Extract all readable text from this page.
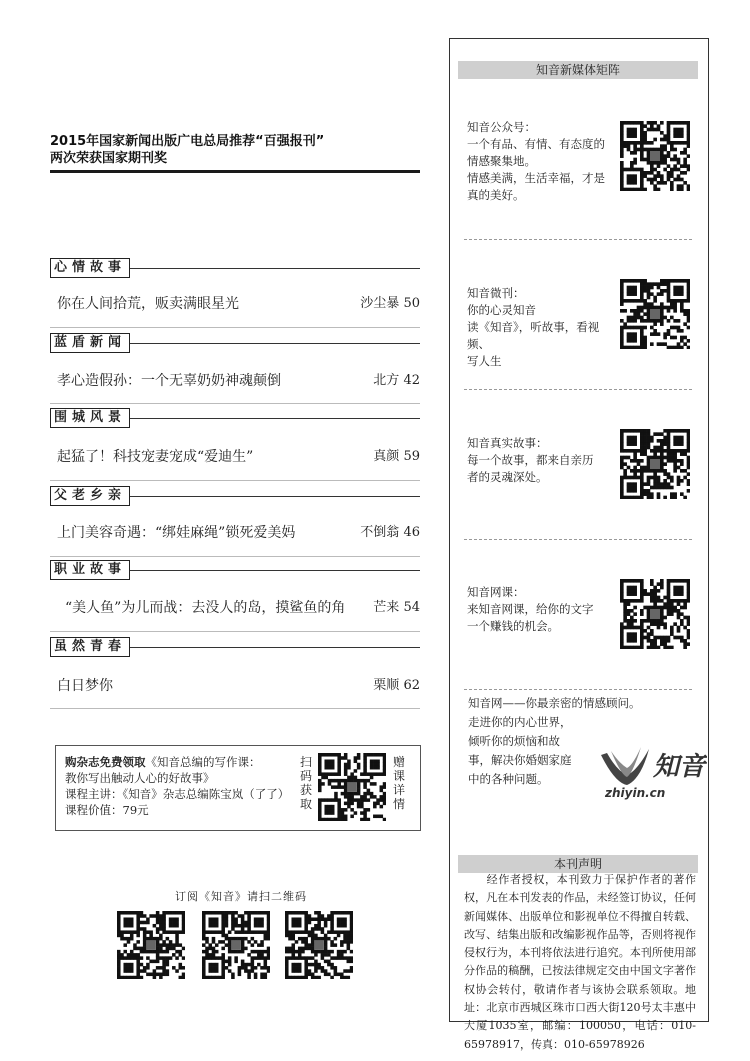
2015年国家新闻出版广电总局推荐“百强报刊”
两次荣获国家期刊奖
心情故事
你在人间拾荒，贩卖满眼星光	沙尘暴 50
蓝盾新闻
孝心造假孙：一个无辜奶奶神魂颠倒	北方 42
围城风景
起猛了！科技宠妻宠成“爱迪生”	真颜 59
父老乡亲
上门美容奇遇：“绑娃麻绳”锁死爱美妈	不倒翁 46
职业故事
“美人鱼”为儿而战：去没人的岛，摸鲨鱼的角 芒来 54
虽然青春
白日梦你	栗顺 62
购杂志免费领取《知音总编的写作课：
教你写出触动人心的好故事》
课程主讲：《知音》杂志总编陈宝岚（了了）
课程价值：79元
扫
码
获
取
赠
课
详
情
订阅《知音》请扫二维码
知音新媒体矩阵
知音公众号：
一个有品、有情、有态度的
情感聚集地。
情感美满，生活幸福，才是
真的美好。
知音微刊：
你的心灵知音
读《知音》，听故事，看视频、
写人生
知音真实故事：
每一个故事，都来自亲历
者的灵魂深处。
知音网课：
来知音网课，给你的文字
一个赚钱的机会。
知音网——你最亲密的情感顾问。
走进你的内心世界，
倾听你的烦恼和故
事，解决你婚姻家庭
中的各种问题。	知音
zhiyin.cn
本刊声明
经作者授权，本刊致力于保护作者的著作权，凡在本刊发表的作品，未经签订协议，任何新闻媒体、出版单位和影视单位不得擅自转载、改写、结集出版和改编影视作品等，否则将视作侵权行为，本刊将依法进行追究。本刊所使用部分作品的稿酬，已按法律规定交由中国文字著作权协会转付，敬请作者与该协会联系领取。地址：北京市西城区珠市口西大街120号太丰惠中大厦1035室，邮编：100050，电话：010-65978917，传真：010-65978926
